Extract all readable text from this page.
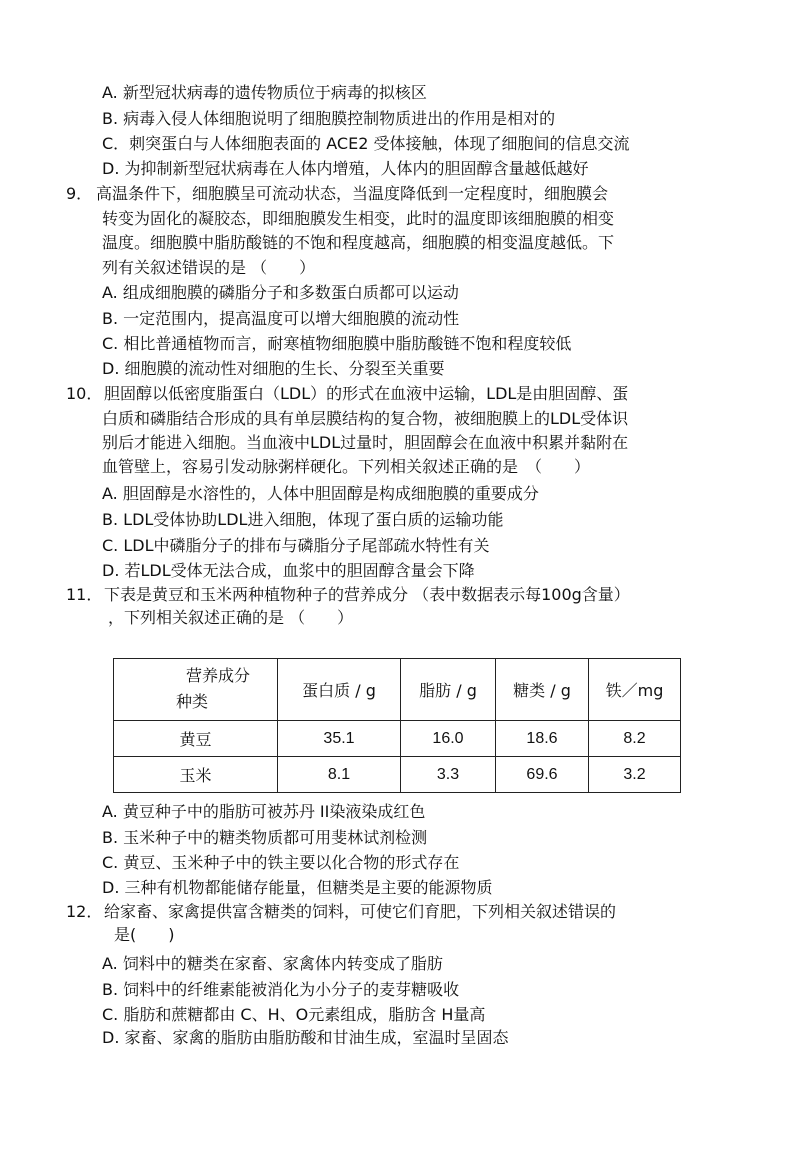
A. 新型冠状病毒的遗传物质位于病毒的拟核区
B. 病毒入侵人体细胞说明了细胞膜控制物质进出的作用是相对的
C．刺突蛋白与人体细胞表面的 ACE2 受体接触，体现了细胞间的信息交流
D. 为抑制新型冠状病毒在人体内增殖，人体内的胆固醇含量越低越好
9． 高温条件下，细胞膜呈可流动状态，当温度降低到一定程度时，细胞膜会
转变为固化的凝胶态，即细胞膜发生相变，此时的温度即该细胞膜的相变
温度。细胞膜中脂肪酸链的不饱和程度越高，细胞膜的相变温度越低。下
列有关叙述错误的是 （　　）
A. 组成细胞膜的磷脂分子和多数蛋白质都可以运动
B. 一定范围内，提高温度可以增大细胞膜的流动性
C. 相比普通植物而言，耐寒植物细胞膜中脂肪酸链不饱和程度较低
D. 细胞膜的流动性对细胞的生长、分裂至关重要
10． 胆固醇以低密度脂蛋白（LDL）的形式在血液中运输，LDL是由胆固醇、蛋
白质和磷脂结合形成的具有单层膜结构的复合物，被细胞膜上的LDL受体识
别后才能进入细胞。当血液中LDL过量时，胆固醇会在血液中积累并黏附在
血管壁上，容易引发动脉粥样硬化。下列相关叙述正确的是　（　　）
A. 胆固醇是水溶性的，人体中胆固醇是构成细胞膜的重要成分
B. LDL受体协助LDL进入细胞，体现了蛋白质的运输功能
C. LDL中磷脂分子的排布与磷脂分子尾部疏水特性有关
D. 若LDL受体无法合成，血浆中的胆固醇含量会下降
11． 下表是黄豆和玉米两种植物种子的营养成分 （表中数据表示每100g含量）
，下列相关叙述正确的是 （　　）
营养成分
种类	蛋白质 / g	脂肪 / g	糖类 / g	铁／mg
黄豆	35.1	16.0	18.6	8.2
玉米	8.1	3.3	69.6	3.2
A. 黄豆种子中的脂肪可被苏丹 II染液染成红色
B. 玉米种子中的糖类物质都可用斐林试剂检测
C. 黄豆、玉米种子中的铁主要以化合物的形式存在
D. 三种有机物都能储存能量，但糖类是主要的能源物质
12． 给家畜、家禽提供富含糖类的饲料，可使它们育肥，下列相关叙述错误的
是(　　)
A. 饲料中的糖类在家畜、家禽体内转变成了脂肪
B. 饲料中的纤维素能被消化为小分子的麦芽糖吸收
C. 脂肪和蔗糖都由 C、H、O元素组成，脂肪含 H量高
D. 家畜、家禽的脂肪由脂肪酸和甘油生成，室温时呈固态
